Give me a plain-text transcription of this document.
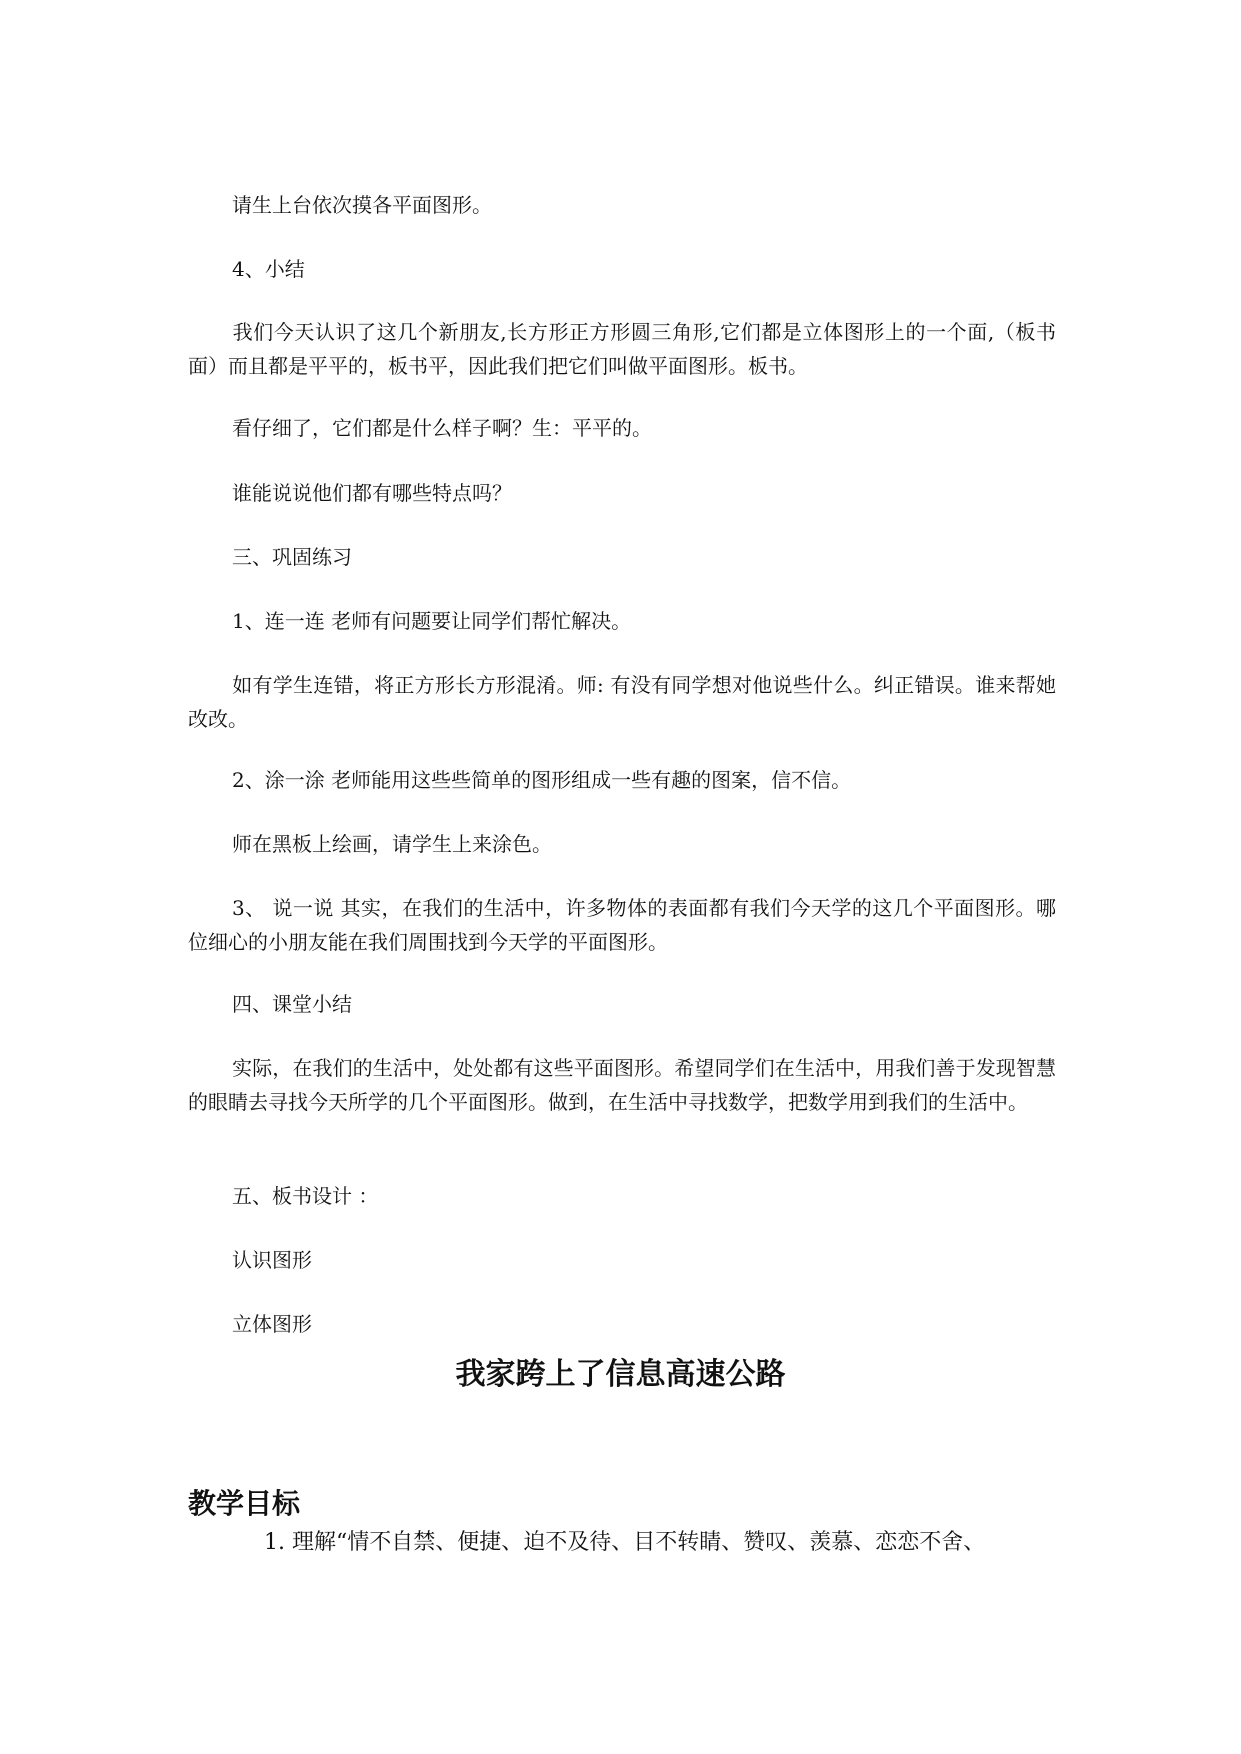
请生上台依次摸各平面图形。
4、小结
我们今天认识了这几个新朋友,长方形正方形圆三角形,它们都是立体图形上的一个面,（板书面）而且都是平平的，板书平，因此我们把它们叫做平面图形。板书。
看仔细了，它们都是什么样子啊？生：平平的。
谁能说说他们都有哪些特点吗？
三、巩固练习
1、连一连 老师有问题要让同学们帮忙解决。
如有学生连错，将正方形长方形混淆。师: 有没有同学想对他说些什么。纠正错误。谁来帮她改改。
2、涂一涂 老师能用这些些简单的图形组成一些有趣的图案，信不信。
师在黑板上绘画，请学生上来涂色。
3、 说一说 其实，在我们的生活中，许多物体的表面都有我们今天学的这几个平面图形。哪位细心的小朋友能在我们周围找到今天学的平面图形。
四、课堂小结
实际，在我们的生活中，处处都有这些平面图形。希望同学们在生活中，用我们善于发现智慧的眼睛去寻找今天所学的几个平面图形。做到，在生活中寻找数学，把数学用到我们的生活中。
五、板书设计 ：
认识图形
立体图形
我家跨上了信息高速公路
教学目标
1. 理解“情不自禁、便捷、迫不及待、目不转睛、赞叹、羡慕、恋恋不舍、
